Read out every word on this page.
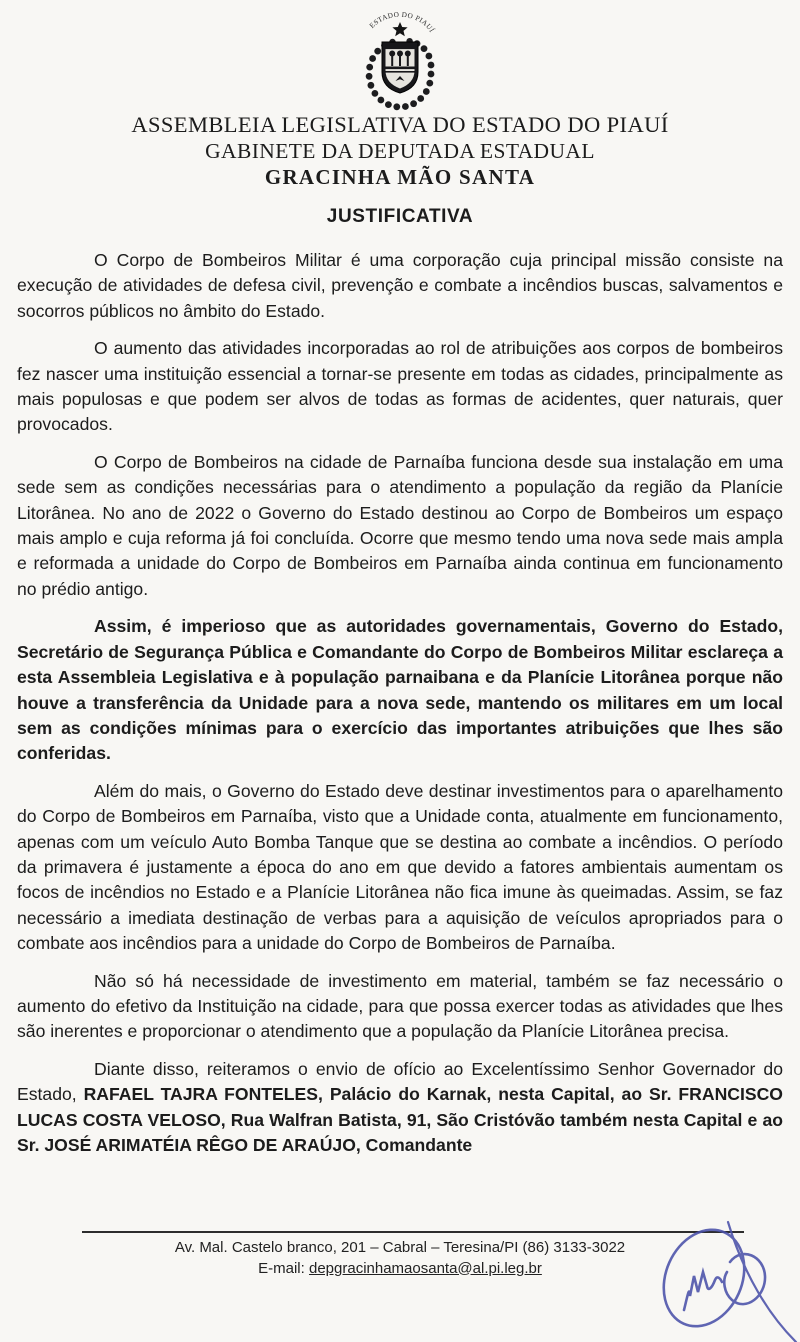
ESTADO DO PIAUÍ
ASSEMBLEIA LEGISLATIVA DO ESTADO DO PIAUÍ
GABINETE DA DEPUTADA ESTADUAL
GRACINHA MÃO SANTA
JUSTIFICATIVA

O Corpo de Bombeiros Militar é uma corporação cuja principal missão consiste na execução de atividades de defesa civil, prevenção e combate a incêndios buscas, salvamentos e socorros públicos no âmbito do Estado.

O aumento das atividades incorporadas ao rol de atribuições aos corpos de bombeiros fez nascer uma instituição essencial a tornar-se presente em todas as cidades, principalmente as mais populosas e que podem ser alvos de todas as formas de acidentes, quer naturais, quer provocados.

O Corpo de Bombeiros na cidade de Parnaíba funciona desde sua instalação em uma sede sem as condições necessárias para o atendimento a população da região da Planície Litorânea. No ano de 2022 o Governo do Estado destinou ao Corpo de Bombeiros um espaço mais amplo e cuja reforma já foi concluída. Ocorre que mesmo tendo uma nova sede mais ampla e reformada a unidade do Corpo de Bombeiros em Parnaíba ainda continua em funcionamento no prédio antigo.

Assim, é imperioso que as autoridades governamentais, Governo do Estado, Secretário de Segurança Pública e Comandante do Corpo de Bombeiros Militar esclareça a esta Assembleia Legislativa e à população parnaibana e da Planície Litorânea porque não houve a transferência da Unidade para a nova sede, mantendo os militares em um local sem as condições mínimas para o exercício das importantes atribuições que lhes são conferidas.

Além do mais, o Governo do Estado deve destinar investimentos para o aparelhamento do Corpo de Bombeiros em Parnaíba, visto que a Unidade conta, atualmente em funcionamento, apenas com um veículo Auto Bomba Tanque que se destina ao combate a incêndios. O período da primavera é justamente a época do ano em que devido a fatores ambientais aumentam os focos de incêndios no Estado e a Planície Litorânea não fica imune às queimadas. Assim, se faz necessário a imediata destinação de verbas para a aquisição de veículos apropriados para o combate aos incêndios para a unidade do Corpo de Bombeiros de Parnaíba.

Não só há necessidade de investimento em material, também se faz necessário o aumento do efetivo da Instituição na cidade, para que possa exercer todas as atividades que lhes são inerentes e proporcionar o atendimento que a população da Planície Litorânea precisa.

Diante disso, reiteramos o envio de ofício ao Excelentíssimo Senhor Governador do Estado, RAFAEL TAJRA FONTELES, Palácio do Karnak, nesta Capital, ao Sr. FRANCISCO LUCAS COSTA VELOSO, Rua Walfran Batista, 91, São Cristóvão também nesta Capital e ao Sr. JOSÉ ARIMATÉIA RÊGO DE ARAÚJO, Comandante

Av. Mal. Castelo branco, 201 – Cabral – Teresina/PI (86) 3133-3022
E-mail: depgracinhamaosanta@al.pi.leg.br
